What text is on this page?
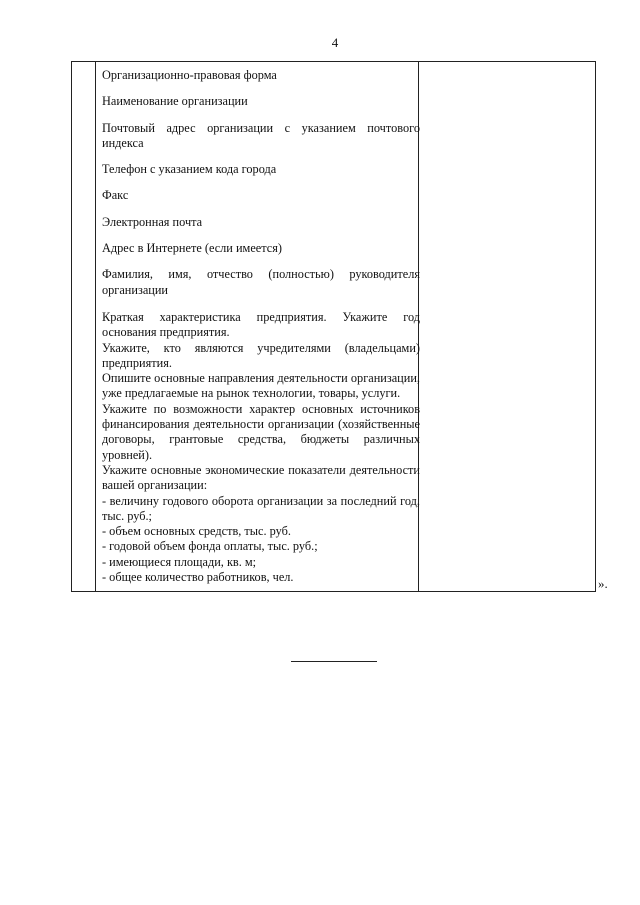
4

Организационно-правовая форма

Наименование организации

Почтовый адрес организации с указанием почтового индекса

Телефон с указанием кода города

Факс

Электронная почта

Адрес в Интернете (если имеется)

Фамилия, имя, отчество (полностью) руководителя организации

Краткая характеристика предприятия. Укажите год основания предприятия.

Укажите, кто являются учредителями (владельцами) предприятия.

Опишите основные направления деятельности организации, уже предлагаемые на рынок технологии, товары, услуги.

Укажите по возможности характер основных источников финансирования деятельности организации (хозяйственные договоры, грантовые средства, бюджеты различных уровней).

Укажите основные экономические показатели деятельности вашей организации:

- величину годового оборота организации за последний год, тыс. руб.;

- объем основных средств, тыс. руб.

- годовой объем фонда оплаты, тыс. руб.;

- имеющиеся площади, кв. м;

- общее количество работников, чел.	».
